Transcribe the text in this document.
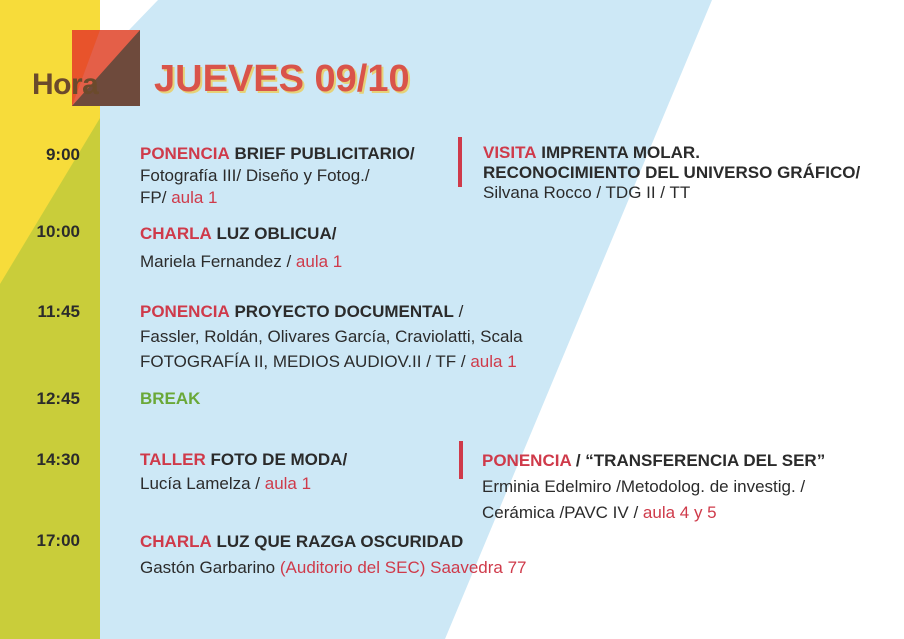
Hora JUEVES 09/10
9:00
10:00
11:45
12:45
14:30
17:00
PONENCIA BRIEF PUBLICITARIO/
Fotografía III/ Diseño y Fotog./
FP/ aula 1
VISITA IMPRENTA MOLAR.
RECONOCIMIENTO DEL UNIVERSO GRÁFICO/
Silvana Rocco / TDG II / TT
CHARLA LUZ OBLICUA/
Mariela Fernandez / aula 1
PONENCIA PROYECTO DOCUMENTAL /
Fassler, Roldán, Olivares García, Craviolatti, Scala
FOTOGRAFÍA II, MEDIOS AUDIOV.II / TF / aula 1
BREAK
TALLER FOTO DE MODA/
Lucía Lamelza / aula 1
PONENCIA / “TRANSFERENCIA DEL SER”
Erminia Edelmiro /Metodolog. de investig. /
Cerámica /PAVC IV / aula 4 y 5
CHARLA LUZ QUE RAZGA OSCURIDAD
Gastón Garbarino (Auditorio del SEC) Saavedra 77
